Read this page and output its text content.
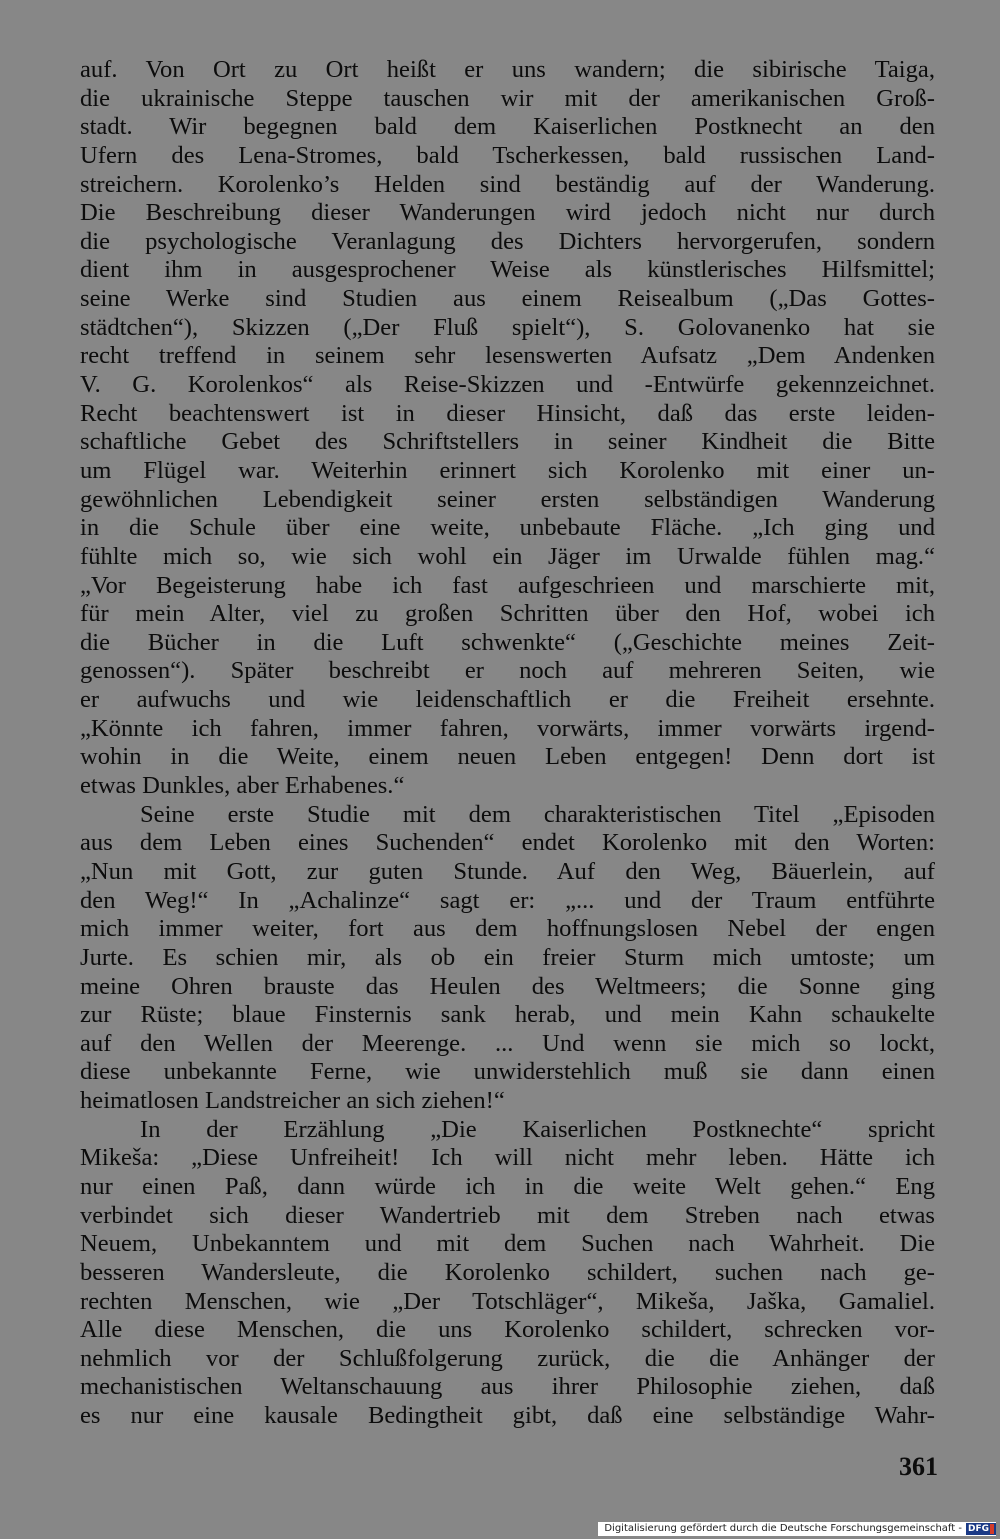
auf. Von Ort zu Ort heißt er uns wandern; die sibirische Taiga,
die ukrainische Steppe tauschen wir mit der amerikanischen Groß-
stadt. Wir begegnen bald dem Kaiserlichen Postknecht an den
Ufern des Lena-Stromes, bald Tscherkessen, bald russischen Land-
streichern. Korolenko’s Helden sind beständig auf der Wanderung.
Die Beschreibung dieser Wanderungen wird jedoch nicht nur durch
die psychologische Veranlagung des Dichters hervorgerufen, sondern
dient ihm in ausgesprochener Weise als künstlerisches Hilfsmittel;
seine Werke sind Studien aus einem Reisealbum („Das Gottes-
städtchen“), Skizzen („Der Fluß spielt“), S. Golovanenko hat sie
recht treffend in seinem sehr lesenswerten Aufsatz „Dem Andenken
V. G. Korolenkos“ als Reise-Skizzen und -Entwürfe gekennzeichnet.
Recht beachtenswert ist in dieser Hinsicht, daß das erste leiden-
schaftliche Gebet des Schriftstellers in seiner Kindheit die Bitte
um Flügel war. Weiterhin erinnert sich Korolenko mit einer un-
gewöhnlichen Lebendigkeit seiner ersten selbständigen Wanderung
in die Schule über eine weite, unbebaute Fläche. „Ich ging und
fühlte mich so, wie sich wohl ein Jäger im Urwalde fühlen mag.“
„Vor Begeisterung habe ich fast aufgeschrieen und marschierte mit,
für mein Alter, viel zu großen Schritten über den Hof, wobei ich
die Bücher in die Luft schwenkte“ („Geschichte meines Zeit-
genossen“). Später beschreibt er noch auf mehreren Seiten, wie
er aufwuchs und wie leidenschaftlich er die Freiheit ersehnte.
„Könnte ich fahren, immer fahren, vorwärts, immer vorwärts irgend-
wohin in die Weite, einem neuen Leben entgegen! Denn dort ist
etwas Dunkles, aber Erhabenes.“
Seine erste Studie mit dem charakteristischen Titel „Episoden
aus dem Leben eines Suchenden“ endet Korolenko mit den Worten:
„Nun mit Gott, zur guten Stunde. Auf den Weg, Bäuerlein, auf
den Weg!“ In „Achalinze“ sagt er: „... und der Traum entführte
mich immer weiter, fort aus dem hoffnungslosen Nebel der engen
Jurte. Es schien mir, als ob ein freier Sturm mich umtoste; um
meine Ohren brauste das Heulen des Weltmeers; die Sonne ging
zur Rüste; blaue Finsternis sank herab, und mein Kahn schaukelte
auf den Wellen der Meerenge. ... Und wenn sie mich so lockt,
diese unbekannte Ferne, wie unwiderstehlich muß sie dann einen
heimatlosen Landstreicher an sich ziehen!“
In der Erzählung „Die Kaiserlichen Postknechte“ spricht
Mikeša: „Diese Unfreiheit! Ich will nicht mehr leben. Hätte ich
nur einen Paß, dann würde ich in die weite Welt gehen.“ Eng
verbindet sich dieser Wandertrieb mit dem Streben nach etwas
Neuem, Unbekanntem und mit dem Suchen nach Wahrheit. Die
besseren Wandersleute, die Korolenko schildert, suchen nach ge-
rechten Menschen, wie „Der Totschläger“, Mikeša, Jaška, Gamaliel.
Alle diese Menschen, die uns Korolenko schildert, schrecken vor-
nehmlich vor der Schlußfolgerung zurück, die die Anhänger der
mechanistischen Weltanschauung aus ihrer Philosophie ziehen, daß
es nur eine kausale Bedingtheit gibt, daß eine selbständige Wahr-
361
Digitalisierung gefördert durch die Deutsche Forschungsgemeinschaft - DFG
